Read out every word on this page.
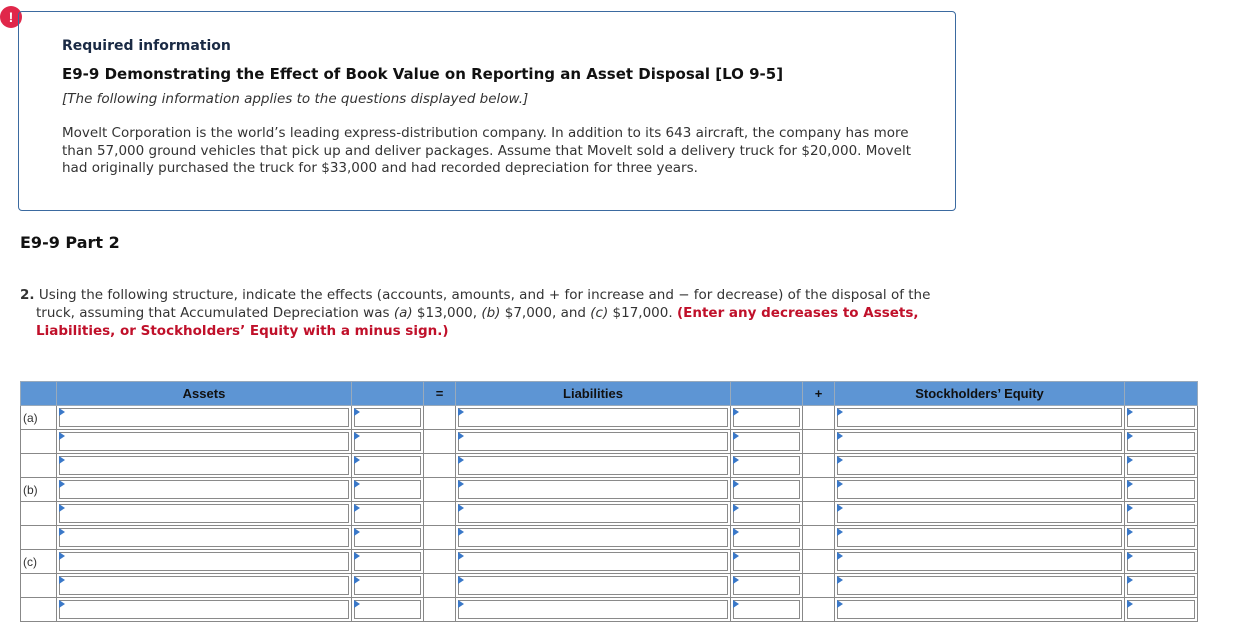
!
Required information
E9-9 Demonstrating the Effect of Book Value on Reporting an Asset Disposal [LO 9-5]
[The following information applies to the questions displayed below.]
Movelt Corporation is the world’s leading express-distribution company. In addition to its 643 aircraft, the company has more than 57,000 ground vehicles that pick up and deliver packages. Assume that Movelt sold a delivery truck for $20,000. Movelt had originally purchased the truck for $33,000 and had recorded depreciation for three years.
E9-9 Part 2
2. Using the following structure, indicate the effects (accounts, amounts, and + for increase and − for decrease) of the disposal of the
truck, assuming that Accumulated Depreciation was (a) $13,000, (b) $7,000, and (c) $17,000. (Enter any decreases to Assets, Liabilities, or Stockholders’ Equity with a minus sign.)
	Assets		=	Liabilities		+	Stockholders’ Equity	
(a)	

(b)	

(c)	
